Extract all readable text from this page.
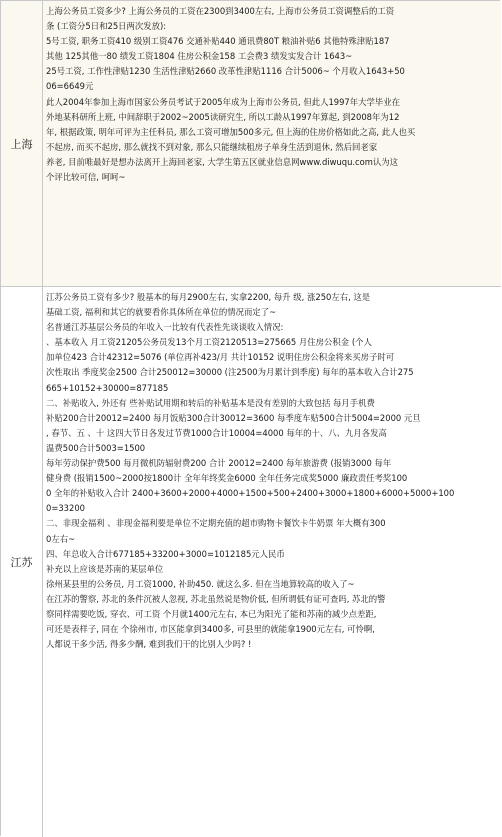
上海

上海公务员工资多少? 上海公务员的工资在2300到3400左右, 上海市公务员工资调整后的工资

条 (工资分5日和25日两次发放):

5号工资, 职务工资410 级别工资476 交通补贴440 通讯费80T 粮油补贴6 其他特殊津贴187

其他 125其他一80 绩发工资1804 住房公积金158 工会费3 绩发实发合计 1643~

25号工资, 工作性津贴1230 生活性津贴2660 改革性津贴1116 合计5006~ 个月收入1643+50

06=6649元

此人2004年参加上海市国家公务员考试于2005年成为上海市公务员, 但此人1997年大学毕业在

外地某科研所上班, 中间辞职于2002~2005读研究生, 所以工龄从1997年算起, 到2008年为12

年, 根据政策, 明年可评为主任科员, 那么工资可增加500多元, 但上海的住房价格如此之高, 此人也买

不起房, 而买不起房, 那么就找不到对象, 那么只能继续租房子单身生活到退休, 然后回老家

养老, 目前唯最好是想办法离开上海回老家, 大学生第五区就业信息网www.diwuqu.com认为这

个评比较可信, 呵呵~

江苏

江苏公务员工资有多少? 般基本的每月2900左右, 实拿2200, 每升 级, 涨250左右, 这是

基础工资, 福利和其它的就要看你具体所在单位的情况而定了~

名普通江苏基层公务员的年收入一比较有代表性先谈谈收入情况:

、基本收入 月工资21205公务员发13个月工资2120513=275665 月住房公积金 (个人

加单位423 合计42312=5076 (单位再补423/月 共计10152 说明住房公积金将来买房子时可

次性取出 季度奖金2500 合计250012=30000 (注2500为月累计到季度) 每年的基本收入合计275

665+10152+30000=877185

二、补贴收入, 外还有 些补贴试用期和转后的补贴基本是没有差别的大致包括 每月手机费

补贴200合计20012=2400 每月饭贴300合计30012=3600 每季度车贴500合计5004=2000 元旦

, 春节、五 、十 这四大节日各发过节费1000合计10004=4000 每年的十、八、九月各发高

温费500合计5003=1500

每年劳动保护费500 每月微机防辐射费200 合计 20012=2400 每年旅游费 (报销3000 每年

健身费 (报销1500~2000按1800计 全年年终奖金6000 全年任务完成奖5000 廉政责任考奖100

0 全年的补贴收入合计 2400+3600+2000+4000+1500+500+2400+3000+1800+6000+5000+100

0=33200

二、非现金福利 、非现金福利要是单位不定期充值的超市购物卡餐饮卡牛奶票 年大概有300

0左右~

四、年总收入合计677185+33200+3000=1012185元人民币

补充以上应该是苏南的某层单位

徐州某县里的公务员, 月工资1000, 补助450. 就这么多. 但在当地算较高的收入了~

在江苏的警察, 苏北的条件沉被人忽视, 苏北虽然说是物价低, 但所谓低有证可查吗, 苏北的警

察同样需要吃饭, 穿衣、可工资 个月就1400元左右, 本已为阳光了能和苏南的减少点差距,

可还是表样子, 同在 个徐州市, 市区能拿到3400多, 可县里的就能拿1900元左右, 可怜啊,

人都说干多少活, 得多少酬, 难到我们干的比别人少吗? !
